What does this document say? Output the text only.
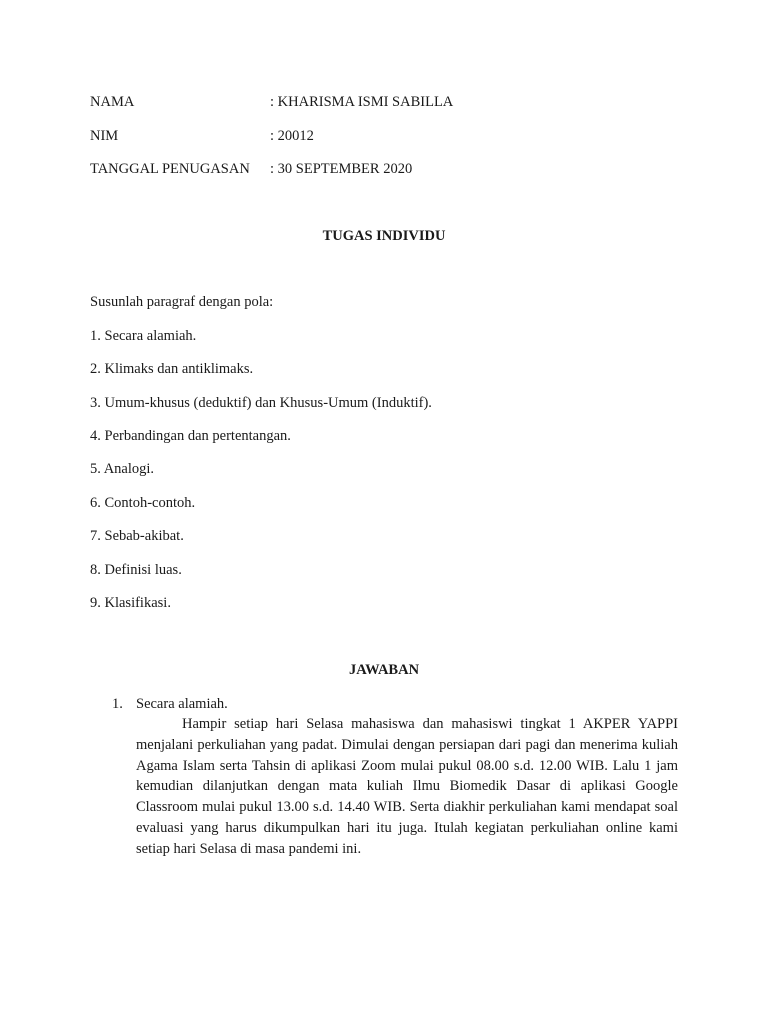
NAMA	: KHARISMA ISMI SABILLA
NIM	: 20012
TANGGAL PENUGASAN : 30 SEPTEMBER 2020
TUGAS INDIVIDU
Susunlah paragraf dengan pola:
1. Secara alamiah.
2. Klimaks dan antiklimaks.
3. Umum-khusus (deduktif) dan Khusus-Umum (Induktif).
4. Perbandingan dan pertentangan.
5. Analogi.
6. Contoh-contoh.
7. Sebab-akibat.
8. Definisi luas.
9. Klasifikasi.
JAWABAN
1. Secara alamiah.

Hampir setiap hari Selasa mahasiswa dan mahasiswi tingkat 1 AKPER YAPPI menjalani perkuliahan yang padat. Dimulai dengan persiapan dari pagi dan menerima kuliah Agama Islam serta Tahsin di aplikasi Zoom mulai pukul 08.00 s.d. 12.00 WIB. Lalu 1 jam kemudian dilanjutkan dengan mata kuliah Ilmu Biomedik Dasar di aplikasi Google Classroom mulai pukul 13.00 s.d. 14.40 WIB. Serta diakhir perkuliahan kami mendapat soal evaluasi yang harus dikumpulkan hari itu juga. Itulah kegiatan perkuliahan online kami setiap hari Selasa di masa pandemi ini.
